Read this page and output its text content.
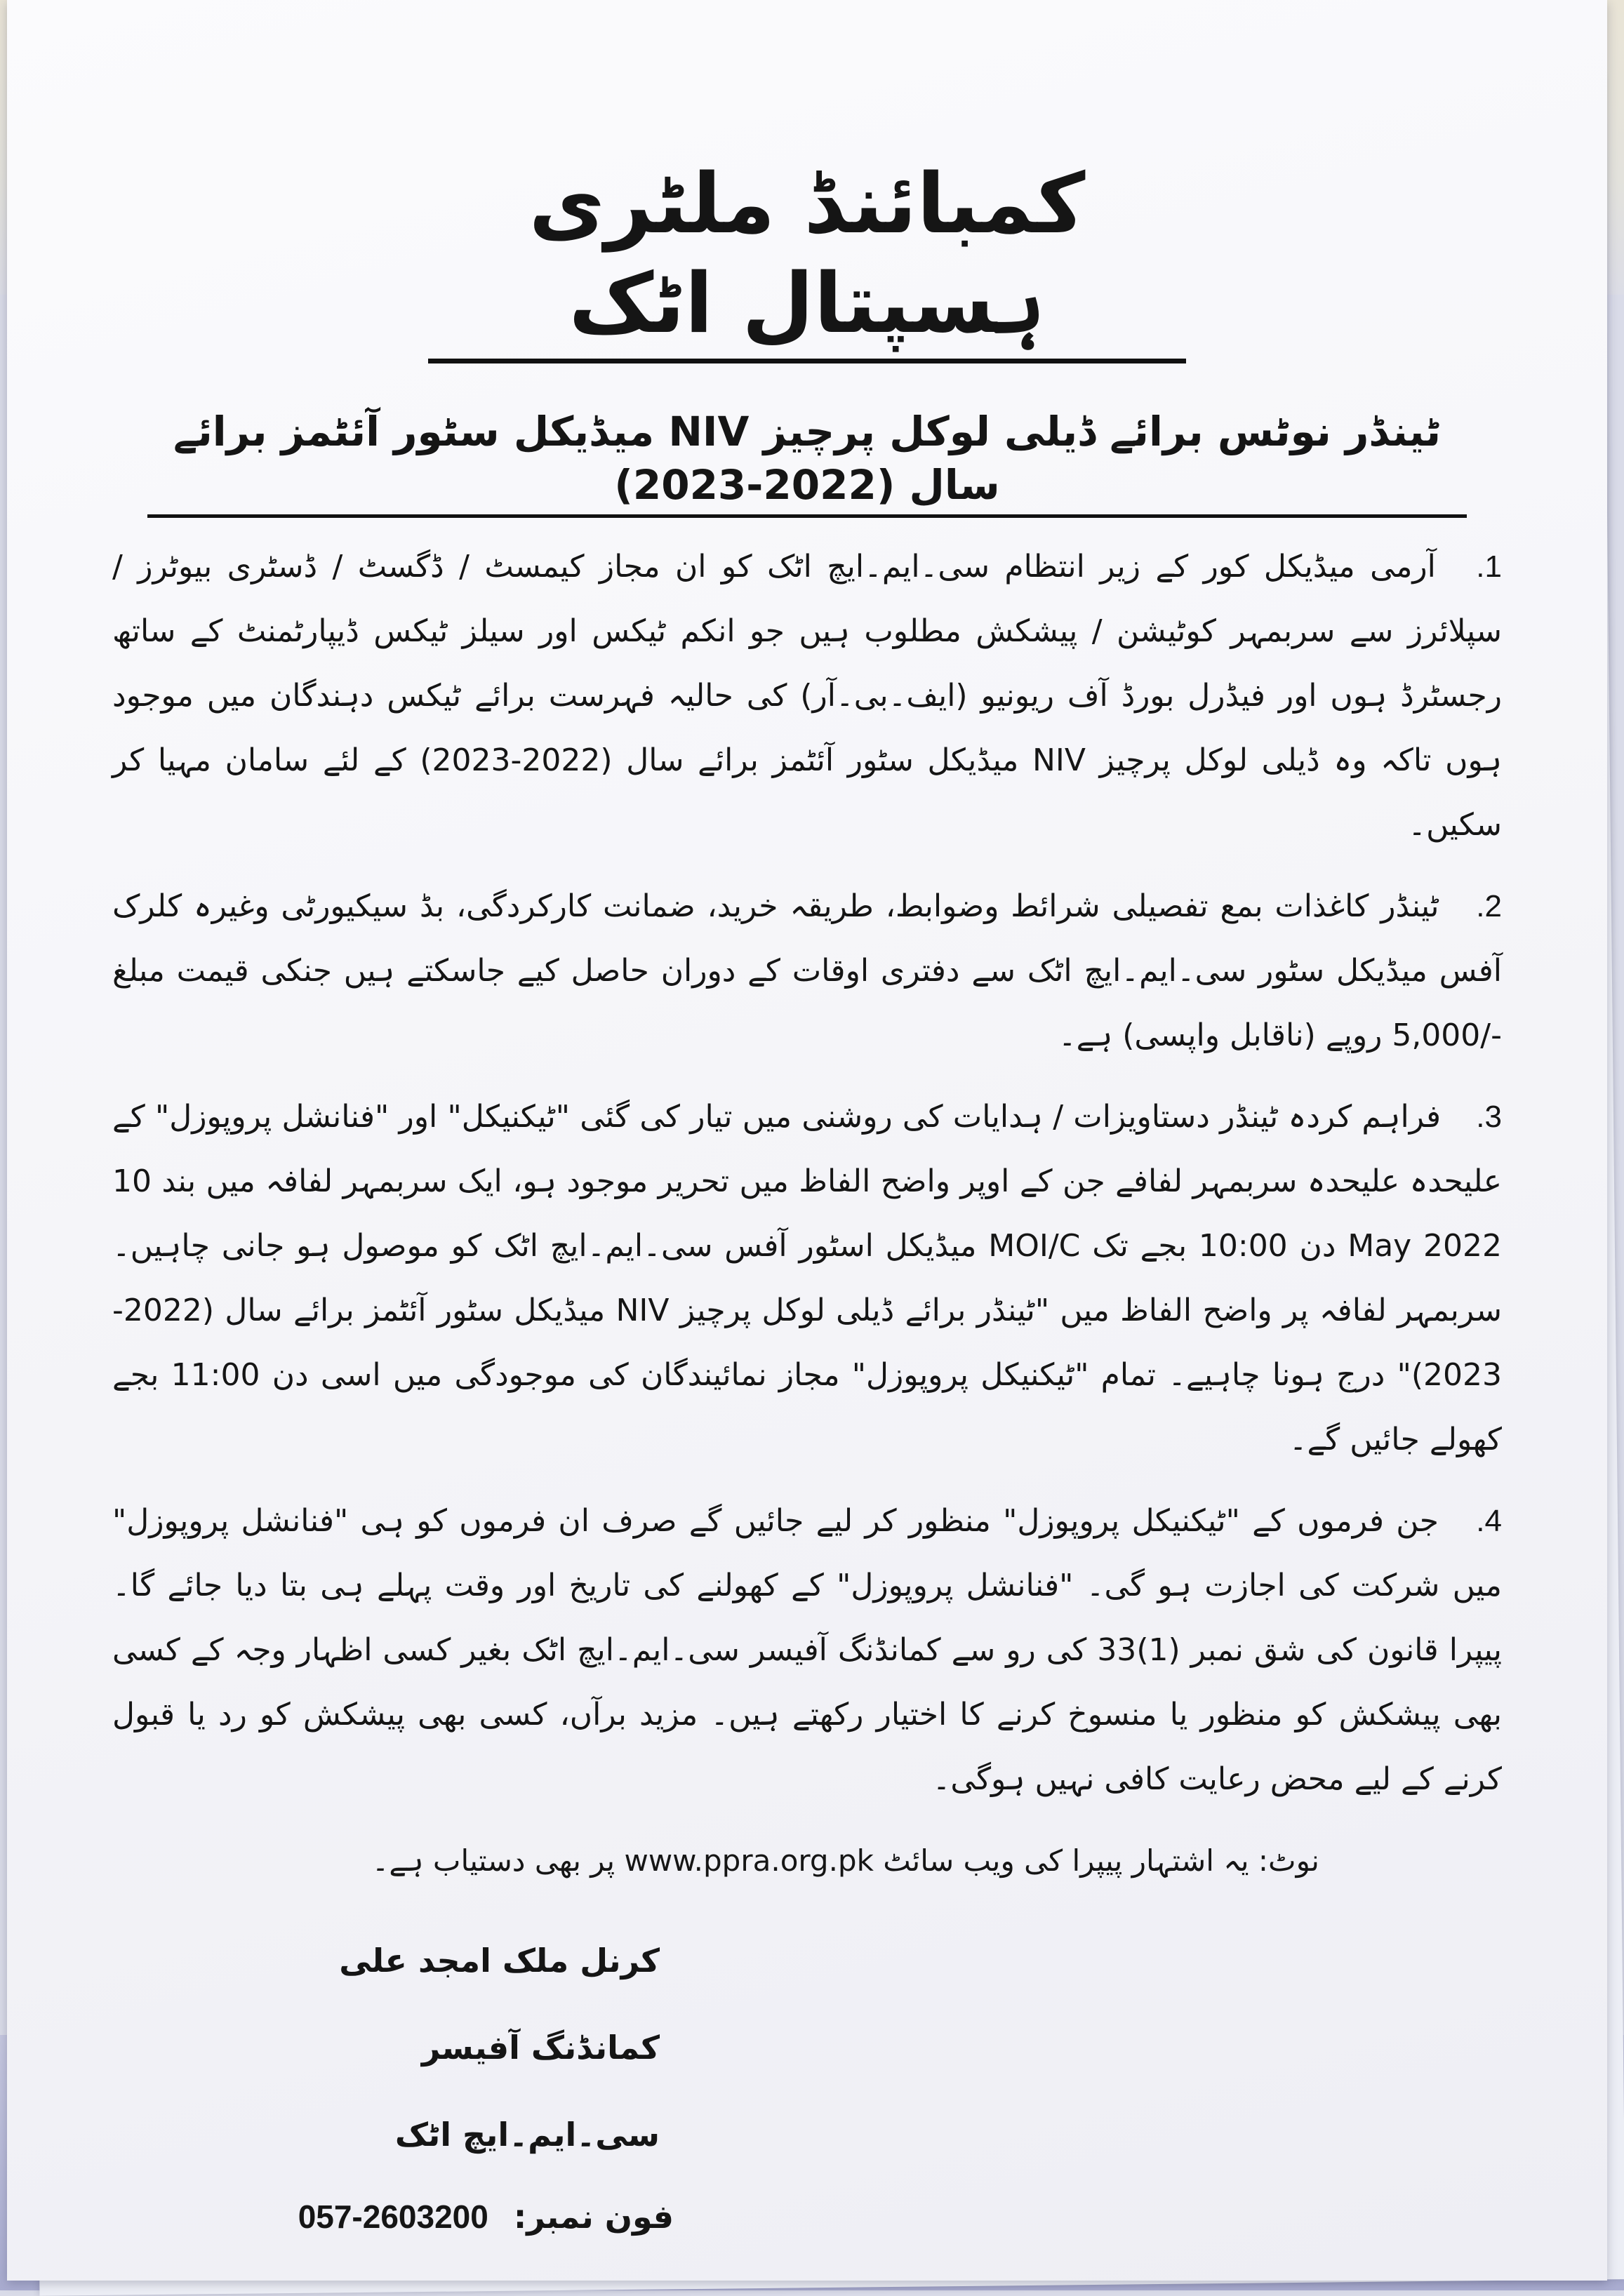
کمبائنڈ ملٹری ہسپتال اٹک
ٹینڈر نوٹس برائے ڈیلی لوکل پرچیز NIV میڈیکل سٹور آئٹمز برائے سال (2022-2023)
1. آرمی میڈیکل کور کے زیر انتظام سی۔ایم۔ایچ اٹک کو ان مجاز کیمسٹ / ڈگسٹ / ڈسٹری بیوٹرز / سپلائرز سے سربمہر کوٹیشن / پیشکش مطلوب ہیں جو انکم ٹیکس اور سیلز ٹیکس ڈیپارٹمنٹ کے ساتھ رجسٹرڈ ہوں اور فیڈرل بورڈ آف ریونیو (ایف۔بی۔آر) کی حالیہ فہرست برائے ٹیکس دہندگان میں موجود ہوں تاکہ وہ ڈیلی لوکل پرچیز NIV میڈیکل سٹور آئٹمز برائے سال (2022-2023) کے لئے سامان مہیا کر سکیں۔
2. ٹینڈر کاغذات بمع تفصیلی شرائط وضوابط، طریقہ خرید، ضمانت کارکردگی، بڈ سیکیورٹی وغیرہ کلرک آفس میڈیکل سٹور سی۔ایم۔ایچ اٹک سے دفتری اوقات کے دوران حاصل کیے جاسکتے ہیں جنکی قیمت مبلغ -/5,000 روپے (ناقابل واپسی) ہے۔
3. فراہم کردہ ٹینڈر دستاویزات / ہدایات کی روشنی میں تیار کی گئی "ٹیکنیکل" اور "فنانشل پروپوزل" کے علیحدہ علیحدہ سربمہر لفافے جن کے اوپر واضح الفاظ میں تحریر موجود ہو، ایک سربمہر لفافہ میں بند 10 May 2022 دن 10:00 بجے تک MOI/C میڈیکل اسٹور آفس سی۔ایم۔ایچ اٹک کو موصول ہو جانی چاہیں۔ سربمہر لفافہ پر واضح الفاظ میں "ٹینڈر برائے ڈیلی لوکل پرچیز NIV میڈیکل سٹور آئٹمز برائے سال (2022-2023)" درج ہونا چاہیے۔ تمام "ٹیکنیکل پروپوزل" مجاز نمائیندگان کی موجودگی میں اسی دن 11:00 بجے کھولے جائیں گے۔
4. جن فرموں کے "ٹیکنیکل پروپوزل" منظور کر لیے جائیں گے صرف ان فرموں کو ہی "فنانشل پروپوزل" میں شرکت کی اجازت ہو گی۔ "فنانشل پروپوزل" کے کھولنے کی تاریخ اور وقت پہلے ہی بتا دیا جائے گا۔ پیپرا قانون کی شق نمبر (1)33 کی رو سے کمانڈنگ آفیسر سی۔ایم۔ایچ اٹک بغیر کسی اظہار وجہ کے کسی بھی پیشکش کو منظور یا منسوخ کرنے کا اختیار رکھتے ہیں۔ مزید برآں، کسی بھی پیشکش کو رد یا قبول کرنے کے لیے محض رعایت کافی نہیں ہوگی۔
نوٹ: یہ اشتہار پیپرا کی ویب سائٹ www.ppra.org.pk پر بھی دستیاب ہے۔
کرنل ملک امجد علی
کمانڈنگ آفیسر
سی۔ایم۔ایچ اٹک
فون نمبر: 057-2603200
